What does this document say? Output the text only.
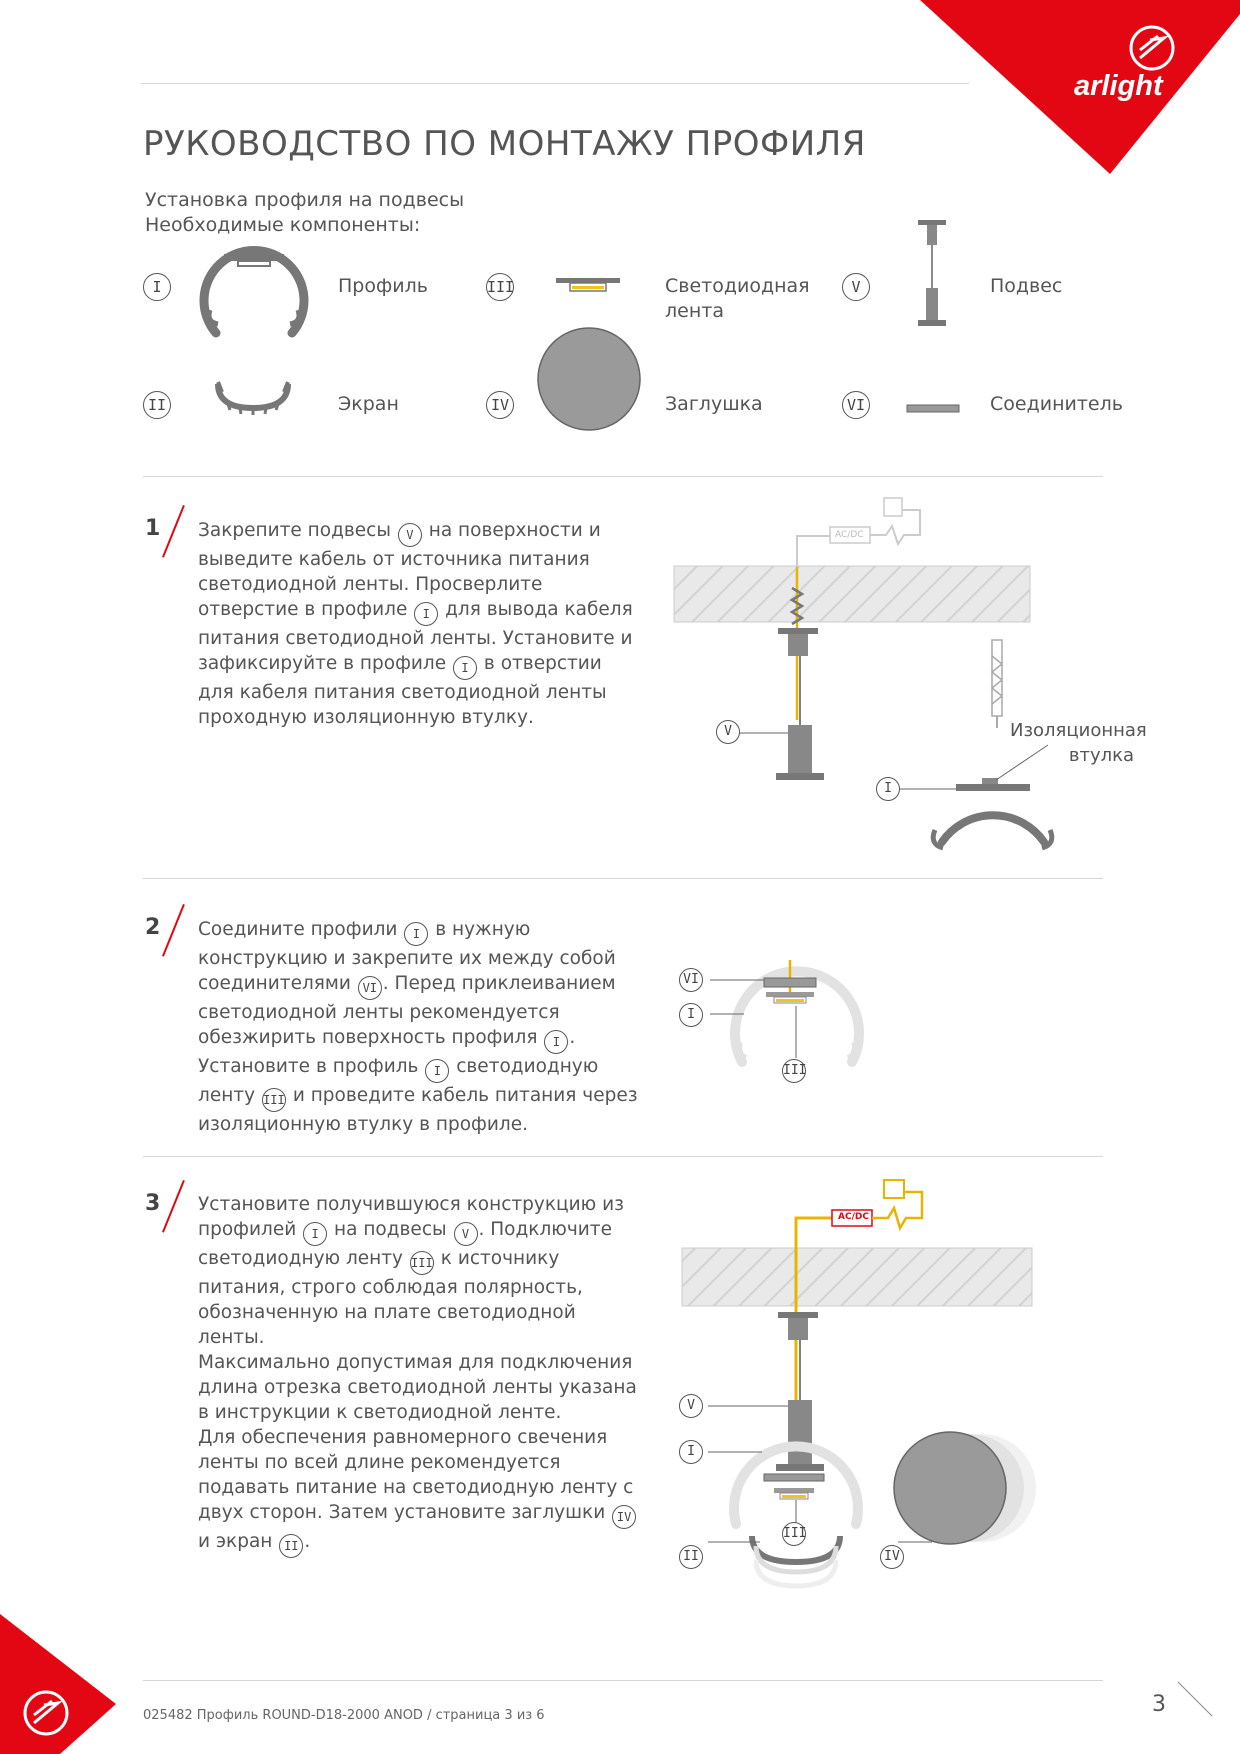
arlight
РУКОВОДСТВО ПО МОНТАЖУ ПРОФИЛЯ
Установка профиля на подвесы
Необходимые компоненты:
I	Профиль
II	Экран
III	Светодиодная
лента
IV	Заглушка
V	Подвес
VI	Соединитель
1 Закрепите подвесы V на поверхности и выведите кабель от источника питания светодиодной ленты. Просверлите отверстие в профиле I для вывода кабеля питания светодиодной ленты. Установите и зафиксируйте в профиле I в отверстии для кабеля питания светодиодной ленты проходную изоляционную втулку.
AC/DC
V
I
Изоляционная
втулка
2 Соедините профили I в нужную конструкцию и закрепите их между собой соединителями VI . Перед приклеиванием светодиодной ленты рекомендуется обезжирить поверхность профиля I . Установите в профиль I светодиодную ленту III и проведите кабель питания через изоляционную втулку в профиле.
VI
I
III
3 Установите получившуюся конструкцию из профилей I на подвесы V . Подключите светодиодную ленту III к источнику питания, строго соблюдая полярность, обозначенную на плате светодиодной ленты.
Максимально допустимая для подключения длина отрезка светодиодной ленты указана в инструкции к светодиодной ленте.
Для обеспечения равномерного свечения ленты по всей длине рекомендуется подавать питание на светодиодную ленту с двух сторон. Затем установите заглушки IV и экран II .
AC/DC
V
I
III
II	IV
025482 Профиль ROUND-D18-2000 ANOD / страница 3 из 6	3
